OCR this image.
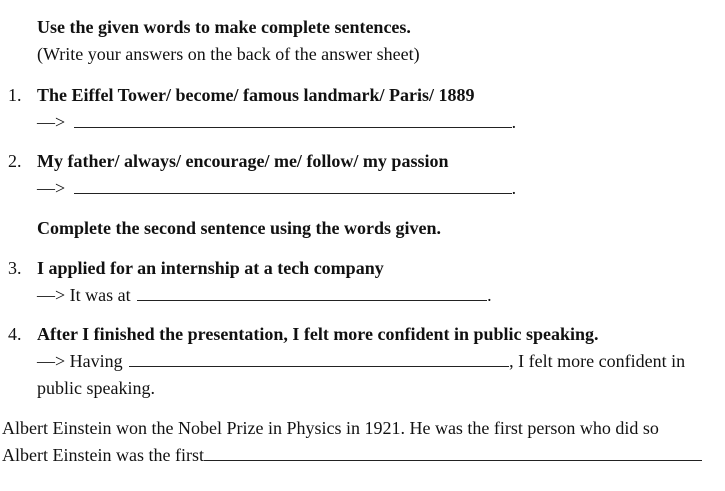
Use the given words to make complete sentences.
(Write your answers on the back of the answer sheet)
1. The Eiffel Tower/ become/ famous landmark/ Paris/ 1889
—>	.
2. My father/ always/ encourage/ me/ follow/ my passion
—>	.
Complete the second sentence using the words given.
3. I applied for an internship at a tech company
—> It was at	.
4. After I finished the presentation, I felt more confident in public speaking.
—> Having	, I felt more confident in
public speaking.
Albert Einstein won the Nobel Prize in Physics in 1921. He was the first person who did so
Albert Einstein was the first
